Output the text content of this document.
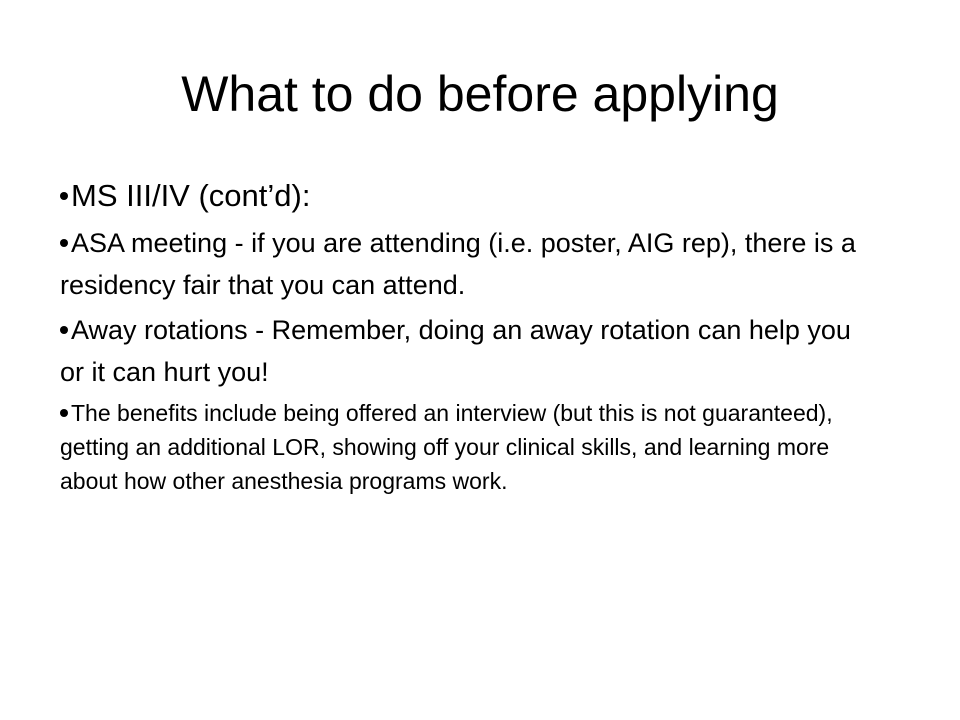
What to do before applying
MS III/IV (cont’d):
ASA meeting - if you are attending (i.e. poster, AIG rep), there is a residency fair that you can attend.
Away rotations - Remember, doing an away rotation can help you or it can hurt you!
The benefits include being offered an interview (but this is not guaranteed), getting an additional LOR, showing off your clinical skills, and learning more about how other anesthesia programs work.
